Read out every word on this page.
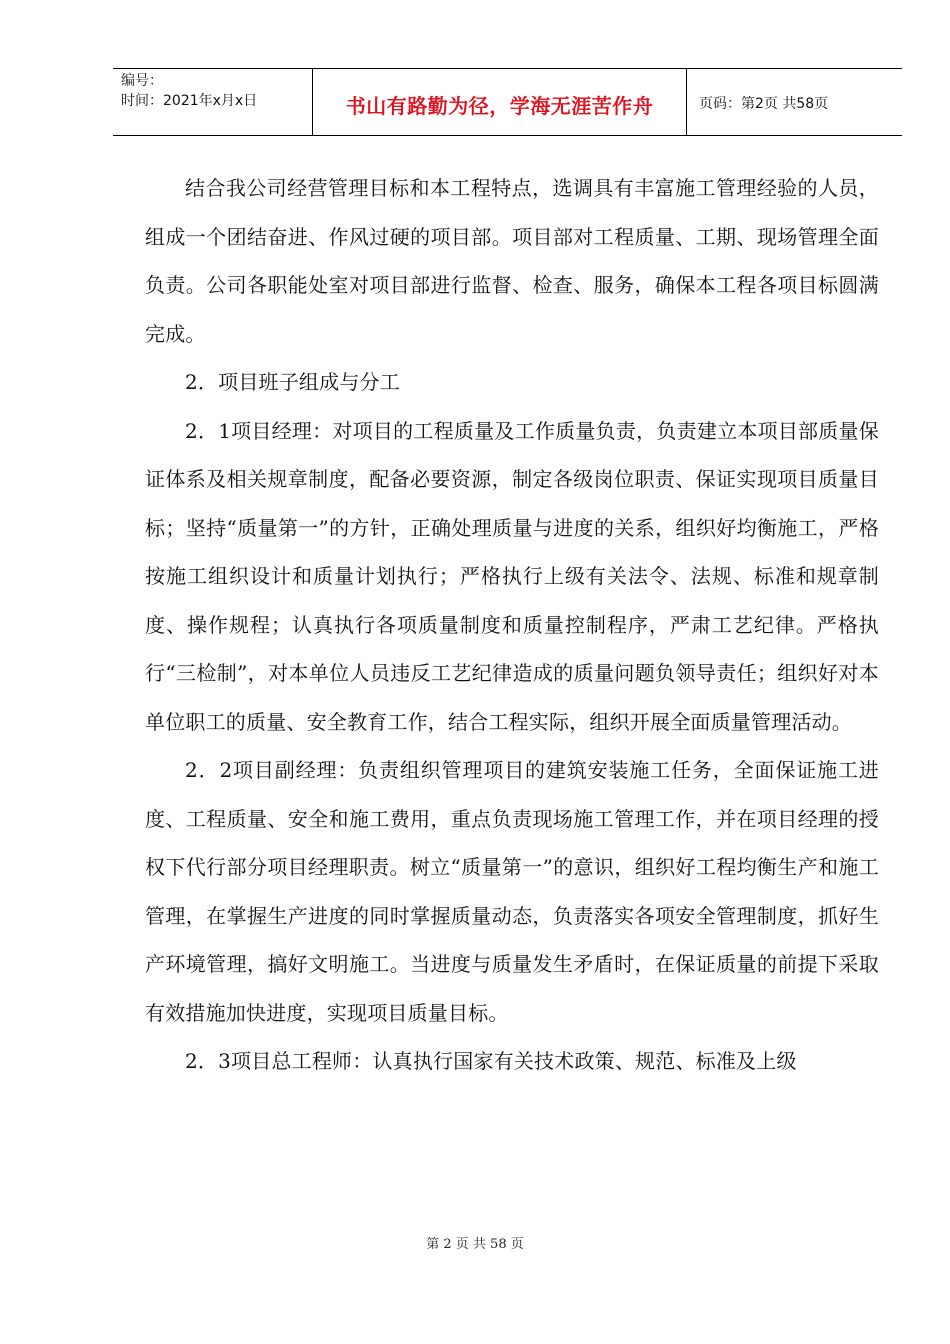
编号：
时间：2021年x月x日	书山有路勤为径，学海无涯苦作舟	页码：第2页 共58页

结合我公司经营管理目标和本工程特点，选调具有丰富施工管理经验的人员，组成一个团结奋进、作风过硬的项目部。项目部对工程质量、工期、现场管理全面负责。公司各职能处室对项目部进行监督、检查、服务，确保本工程各项目标圆满完成。

2．项目班子组成与分工

2．1项目经理：对项目的工程质量及工作质量负责，负责建立本项目部质量保证体系及相关规章制度，配备必要资源，制定各级岗位职责、保证实现项目质量目标；坚持“质量第一”的方针，正确处理质量与进度的关系，组织好均衡施工，严格按施工组织设计和质量计划执行；严格执行上级有关法令、法规、标准和规章制度、操作规程；认真执行各项质量制度和质量控制程序，严肃工艺纪律。严格执行“三检制”，对本单位人员违反工艺纪律造成的质量问题负领导责任；组织好对本单位职工的质量、安全教育工作，结合工程实际，组织开展全面质量管理活动。

2．2项目副经理：负责组织管理项目的建筑安装施工任务，全面保证施工进度、工程质量、安全和施工费用，重点负责现场施工管理工作，并在项目经理的授权下代行部分项目经理职责。树立“质量第一”的意识，组织好工程均衡生产和施工管理，在掌握生产进度的同时掌握质量动态，负责落实各项安全管理制度，抓好生产环境管理，搞好文明施工。当进度与质量发生矛盾时，在保证质量的前提下采取有效措施加快进度，实现项目质量目标。

2．3项目总工程师：认真执行国家有关技术政策、规范、标准及上级

第 2 页 共 58 页
